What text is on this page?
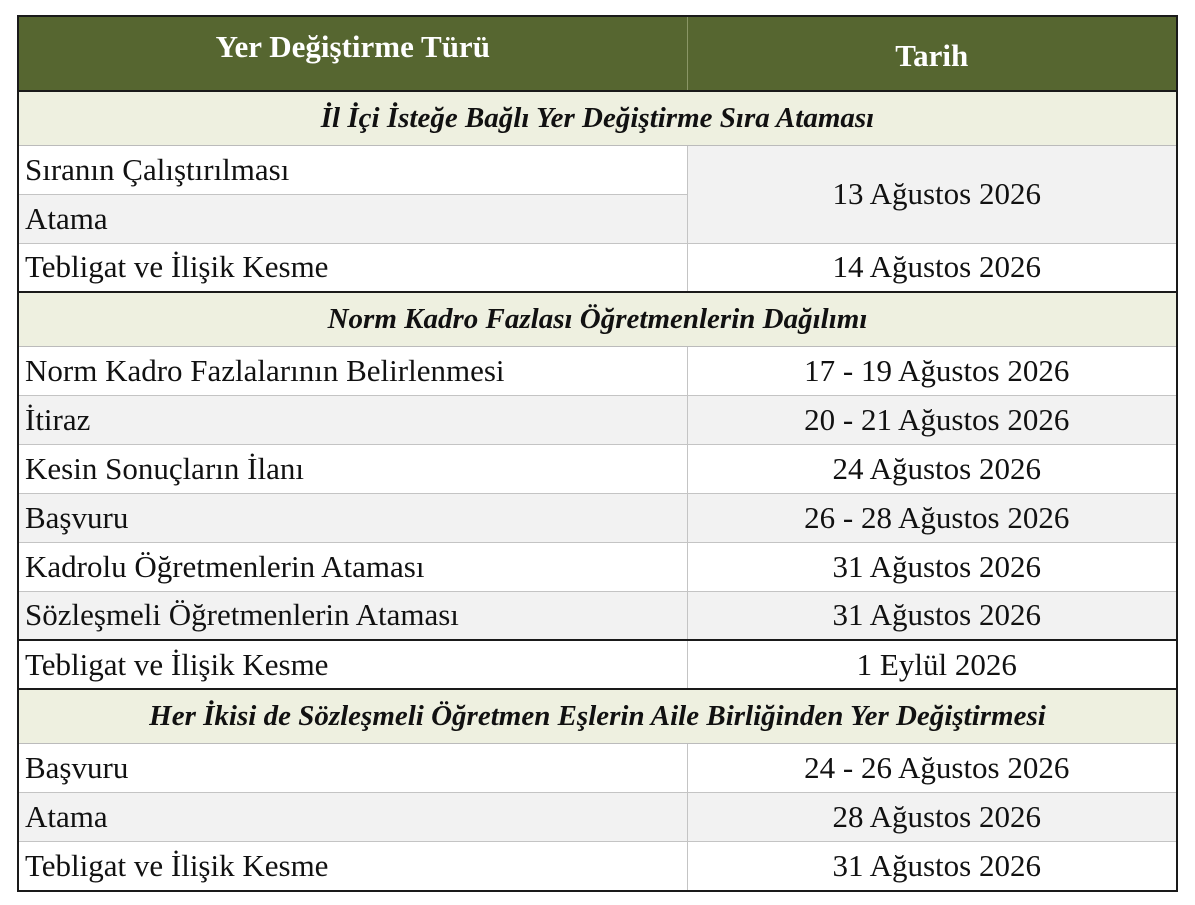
Yer Değiştirme Türü	Tarih
İl İçi İsteğe Bağlı Yer Değiştirme Sıra Ataması	
Sıranın Çalıştırılması	13 Ağustos 2026
Atama	
Tebligat ve İlişik Kesme	14 Ağustos 2026
Norm Kadro Fazlası Öğretmenlerin Dağılımı	
Norm Kadro Fazlalarının Belirlenmesi	17 - 19 Ağustos 2026
İtiraz	20 - 21 Ağustos 2026
Kesin Sonuçların İlanı	24 Ağustos 2026
Başvuru	26 - 28 Ağustos 2026
Kadrolu Öğretmenlerin Ataması	31 Ağustos 2026
Sözleşmeli Öğretmenlerin Ataması	31 Ağustos 2026
Tebligat ve İlişik Kesme	1 Eylül 2026
Her İkisi de Sözleşmeli Öğretmen Eşlerin Aile Birliğinden Yer Değiştirmesi	
Başvuru	24 - 26 Ağustos 2026
Atama	28 Ağustos 2026
Tebligat ve İlişik Kesme	31 Ağustos 2026
